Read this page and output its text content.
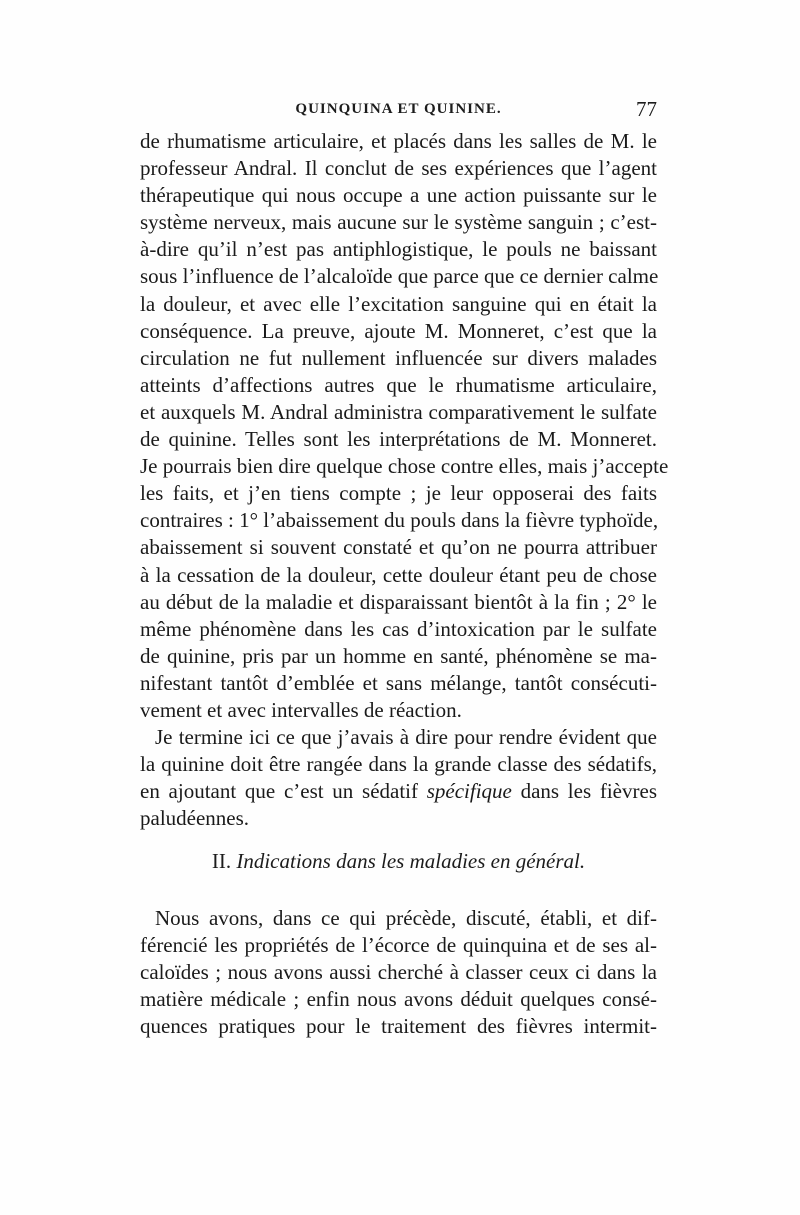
QUINQUINA ET QUININE.	77
de rhumatisme articulaire, et placés dans les salles de M. le
professeur Andral. Il conclut de ses expériences que l’agent
thérapeutique qui nous occupe a une action puissante sur le
système nerveux, mais aucune sur le système sanguin ; c’est-
à-dire qu’il n’est pas antiphlogistique, le pouls ne baissant
sous l’influence de l’alcaloïde que parce que ce dernier calme
la douleur, et avec elle l’excitation sanguine qui en était la
conséquence. La preuve, ajoute M. Monneret, c’est que la
circulation ne fut nullement influencée sur divers malades
atteints d’affections autres que le rhumatisme articulaire,
et auxquels M. Andral administra comparativement le sulfate
de quinine. Telles sont les interprétations de M. Monneret.
Je pourrais bien dire quelque chose contre elles, mais j’accepte
les faits, et j’en tiens compte ; je leur opposerai des faits
contraires : 1° l’abaissement du pouls dans la fièvre typhoïde,
abaissement si souvent constaté et qu’on ne pourra attribuer
à la cessation de la douleur, cette douleur étant peu de chose
au début de la maladie et disparaissant bientôt à la fin ; 2° le
même phénomène dans les cas d’intoxication par le sulfate
de quinine, pris par un homme en santé, phénomène se ma-
nifestant tantôt d’emblée et sans mélange, tantôt consécuti-
vement et avec intervalles de réaction.
Je termine ici ce que j’avais à dire pour rendre évident que
la quinine doit être rangée dans la grande classe des sédatifs,
en ajoutant que c’est un sédatif spécifique dans les fièvres
paludéennes.
II. Indications dans les maladies en général.
Nous avons, dans ce qui précède, discuté, établi, et dif-
férencié les propriétés de l’écorce de quinquina et de ses al-
caloïdes ; nous avons aussi cherché à classer ceux ci dans la
matière médicale ; enfin nous avons déduit quelques consé-
quences pratiques pour le traitement des fièvres intermit-
